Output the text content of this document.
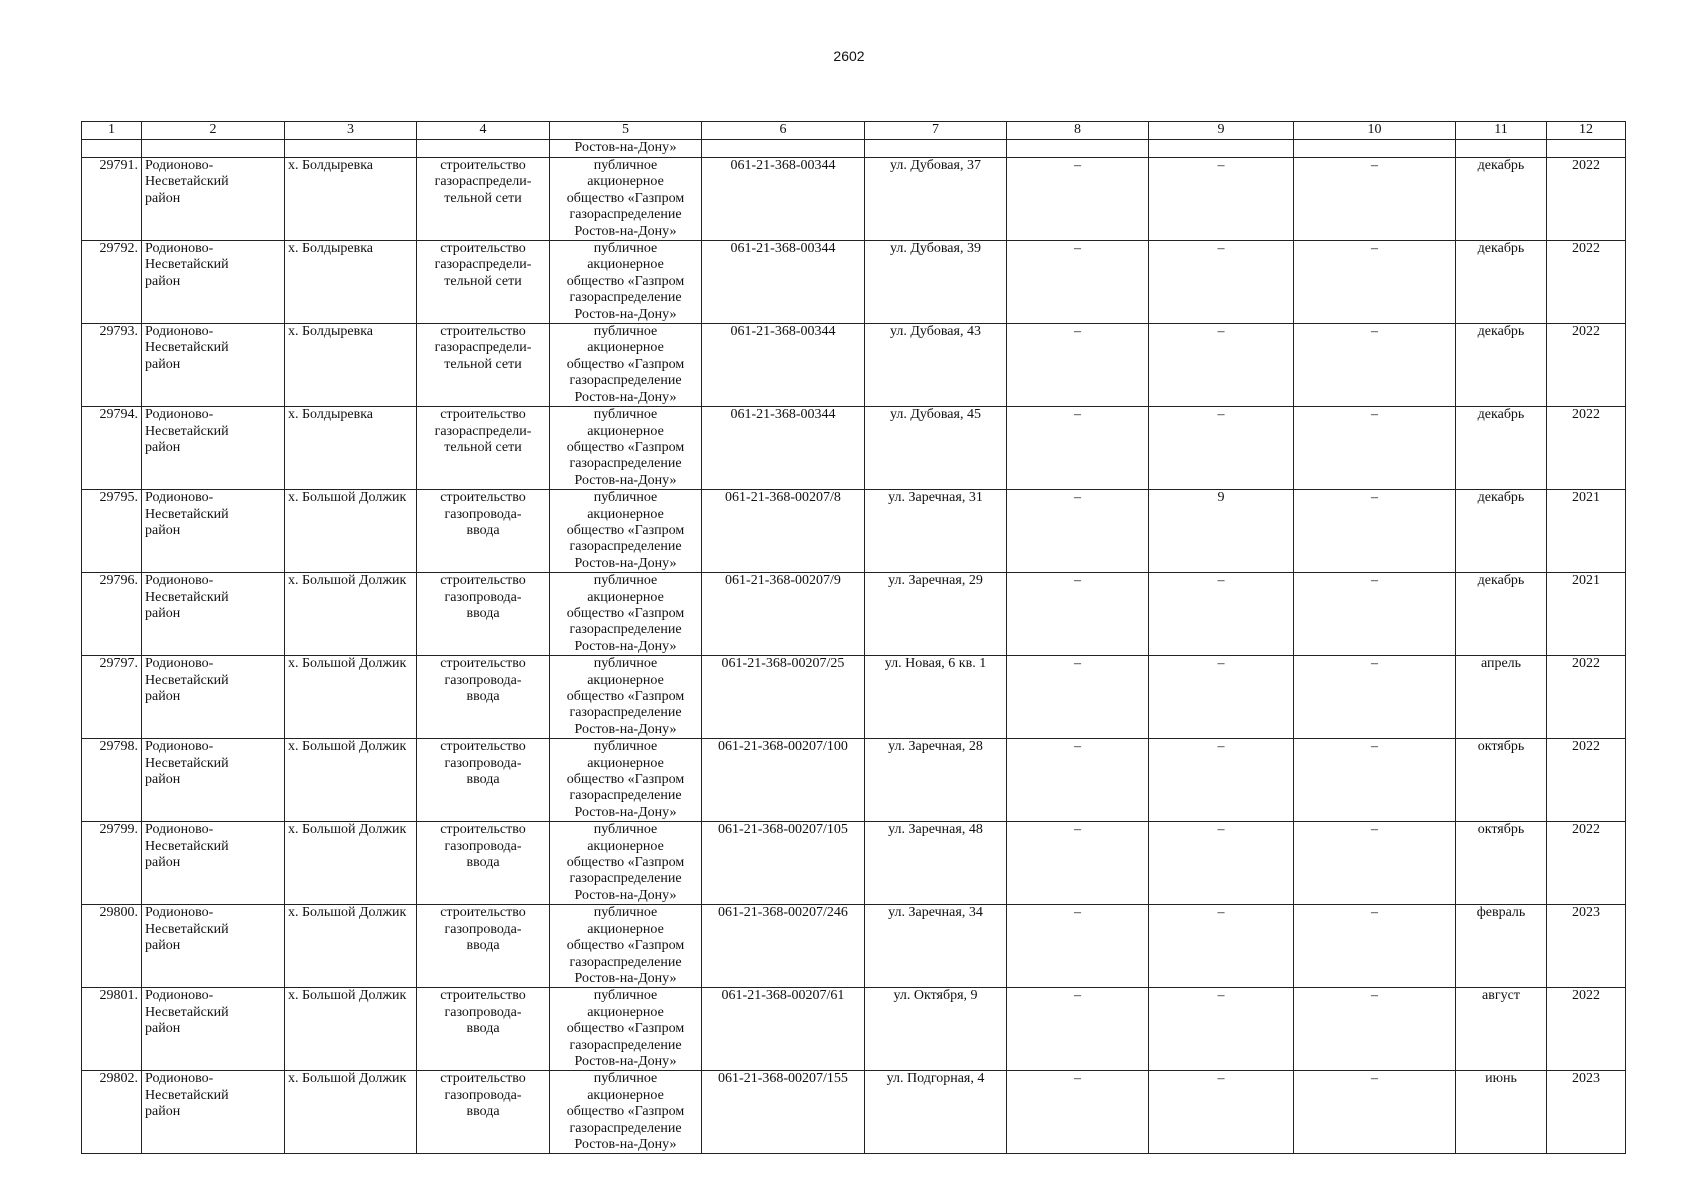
2602
1	2	3	4	5	6	7	8	9	10	11	12
				Ростов-на-Дону»							
29791.	Родионово-
Несветайский
район	х. Болдыревка	строительство
газораспредели-
тельной сети	публичное
акционерное
общество «Газпром
газораспределение
Ростов-на-Дону»	061-21-368-00344	ул. Дубовая, 37	–	–	–	декабрь	2022
29792.	Родионово-
Несветайский
район	х. Болдыревка	строительство
газораспредели-
тельной сети	публичное
акционерное
общество «Газпром
газораспределение
Ростов-на-Дону»	061-21-368-00344	ул. Дубовая, 39	–	–	–	декабрь	2022
29793.	Родионово-
Несветайский
район	х. Болдыревка	строительство
газораспредели-
тельной сети	публичное
акционерное
общество «Газпром
газораспределение
Ростов-на-Дону»	061-21-368-00344	ул. Дубовая, 43	–	–	–	декабрь	2022
29794.	Родионово-
Несветайский
район	х. Болдыревка	строительство
газораспредели-
тельной сети	публичное
акционерное
общество «Газпром
газораспределение
Ростов-на-Дону»	061-21-368-00344	ул. Дубовая, 45	–	–	–	декабрь	2022
29795.	Родионово-
Несветайский
район	х. Большой Должик	строительство
газопровода-
ввода	публичное
акционерное
общество «Газпром
газораспределение
Ростов-на-Дону»	061-21-368-00207/8	ул. Заречная, 31	–	9	–	декабрь	2021
29796.	Родионово-
Несветайский
район	х. Большой Должик	строительство
газопровода-
ввода	публичное
акционерное
общество «Газпром
газораспределение
Ростов-на-Дону»	061-21-368-00207/9	ул. Заречная, 29	–	–	–	декабрь	2021
29797.	Родионово-
Несветайский
район	х. Большой Должик	строительство
газопровода-
ввода	публичное
акционерное
общество «Газпром
газораспределение
Ростов-на-Дону»	061-21-368-00207/25	ул. Новая, 6 кв. 1	–	–	–	апрель	2022
29798.	Родионово-
Несветайский
район	х. Большой Должик	строительство
газопровода-
ввода	публичное
акционерное
общество «Газпром
газораспределение
Ростов-на-Дону»	061-21-368-00207/100	ул. Заречная, 28	–	–	–	октябрь	2022
29799.	Родионово-
Несветайский
район	х. Большой Должик	строительство
газопровода-
ввода	публичное
акционерное
общество «Газпром
газораспределение
Ростов-на-Дону»	061-21-368-00207/105	ул. Заречная, 48	–	–	–	октябрь	2022
29800.	Родионово-
Несветайский
район	х. Большой Должик	строительство
газопровода-
ввода	публичное
акционерное
общество «Газпром
газораспределение
Ростов-на-Дону»	061-21-368-00207/246	ул. Заречная, 34	–	–	–	февраль	2023
29801.	Родионово-
Несветайский
район	х. Большой Должик	строительство
газопровода-
ввода	публичное
акционерное
общество «Газпром
газораспределение
Ростов-на-Дону»	061-21-368-00207/61	ул. Октября, 9	–	–	–	август	2022
29802.	Родионово-
Несветайский
район	х. Большой Должик	строительство
газопровода-
ввода	публичное
акционерное
общество «Газпром
газораспределение
Ростов-на-Дону»	061-21-368-00207/155	ул. Подгорная, 4	–	–	–	июнь	2023
